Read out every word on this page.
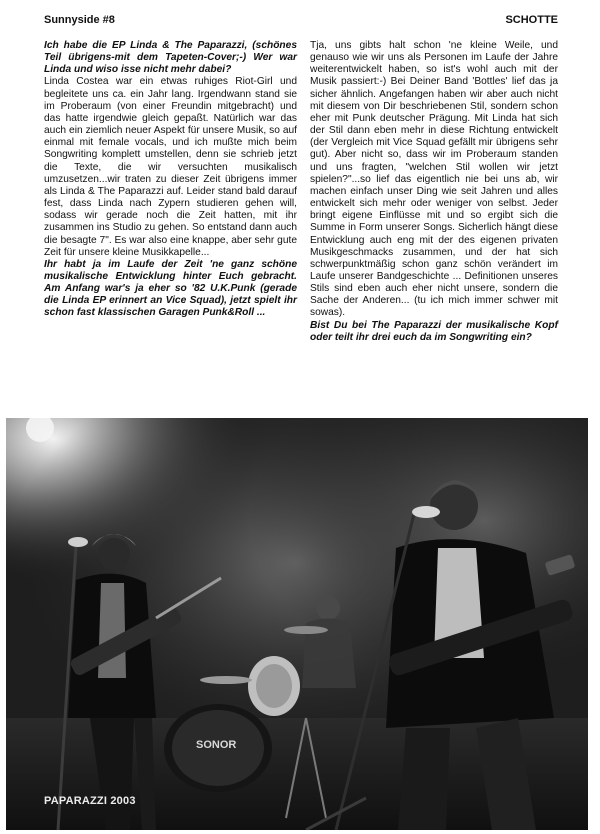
Sunnyside #8	SCHOTTE

Ich habe die EP Linda & The Paparazzi, (schönes Teil übrigens-mit dem Tapeten-Cover;-) Wer war Linda und wiso isse nicht mehr dabei?

Linda Costea war ein etwas ruhiges Riot-Girl und begleitete uns ca. ein Jahr lang. Irgendwann stand sie im Proberaum (von einer Freundin mitgebracht) und das hatte irgendwie gleich gepaßt. Natürlich war das auch ein ziemlich neuer Aspekt für unsere Musik, so auf einmal mit female vocals, und ich mußte mich beim Songwriting komplett umstellen, denn sie schrieb jetzt die Texte, die wir versuchten musikalisch umzusetzen...wir traten zu dieser Zeit übrigens immer als Linda & The Paparazzi auf. Leider stand bald darauf fest, dass Linda nach Zypern studieren gehen will, sodass wir gerade noch die Zeit hatten, mit ihr zusammen ins Studio zu gehen. So entstand dann auch die besagte 7". Es war also eine knappe, aber sehr gute Zeit für unsere kleine Musikkapelle...

Ihr habt ja im Laufe der Zeit 'ne ganz schöne musikalische Entwicklung hinter Euch gebracht. Am Anfang war's ja eher so '82 U.K.Punk (gerade die Linda EP erinnert an Vice Squad), jetzt spielt ihr schon fast klassischen Garagen Punk&Roll ...

Tja, uns gibts halt schon 'ne kleine Weile, und genauso wie wir uns als Personen im Laufe der Jahre weiterentwickelt haben, so ist's wohl auch mit der Musik passiert:-) Bei Deiner Band 'Bottles' lief das ja sicher ähnlich. Angefangen haben wir aber auch nicht mit diesem von Dir beschriebenen Stil, sondern schon eher mit Punk deutscher Prägung. Mit Linda hat sich der Stil dann eben mehr in diese Richtung entwickelt (der Vergleich mit Vice Squad gefällt mir übrigens sehr gut). Aber nicht so, dass wir im Proberaum standen und uns fragten, "welchen Stil wollen wir jetzt spielen?"...so lief das eigentlich nie bei uns ab, wir machen einfach unser Ding wie seit Jahren und alles entwickelt sich mehr oder weniger von selbst. Jeder bringt eigene Einflüsse mit und so ergibt sich die Summe in Form unserer Songs. Sicherlich hängt diese Entwicklung auch eng mit der des eigenen privaten Musikgeschmacks zusammen, und der hat sich schwerpunktmäßig schon ganz schön verändert im Laufe unserer Bandgeschichte ... Definitionen unseres Stils sind eben auch eher nicht unsere, sondern die Sache der Anderen... (tu ich mich immer schwer mit sowas).

Bist Du bei The Paparazzi der musikalische Kopf oder teilt ihr drei euch da im Songwriting ein?

SONOR
PAPARAZZI 2003
